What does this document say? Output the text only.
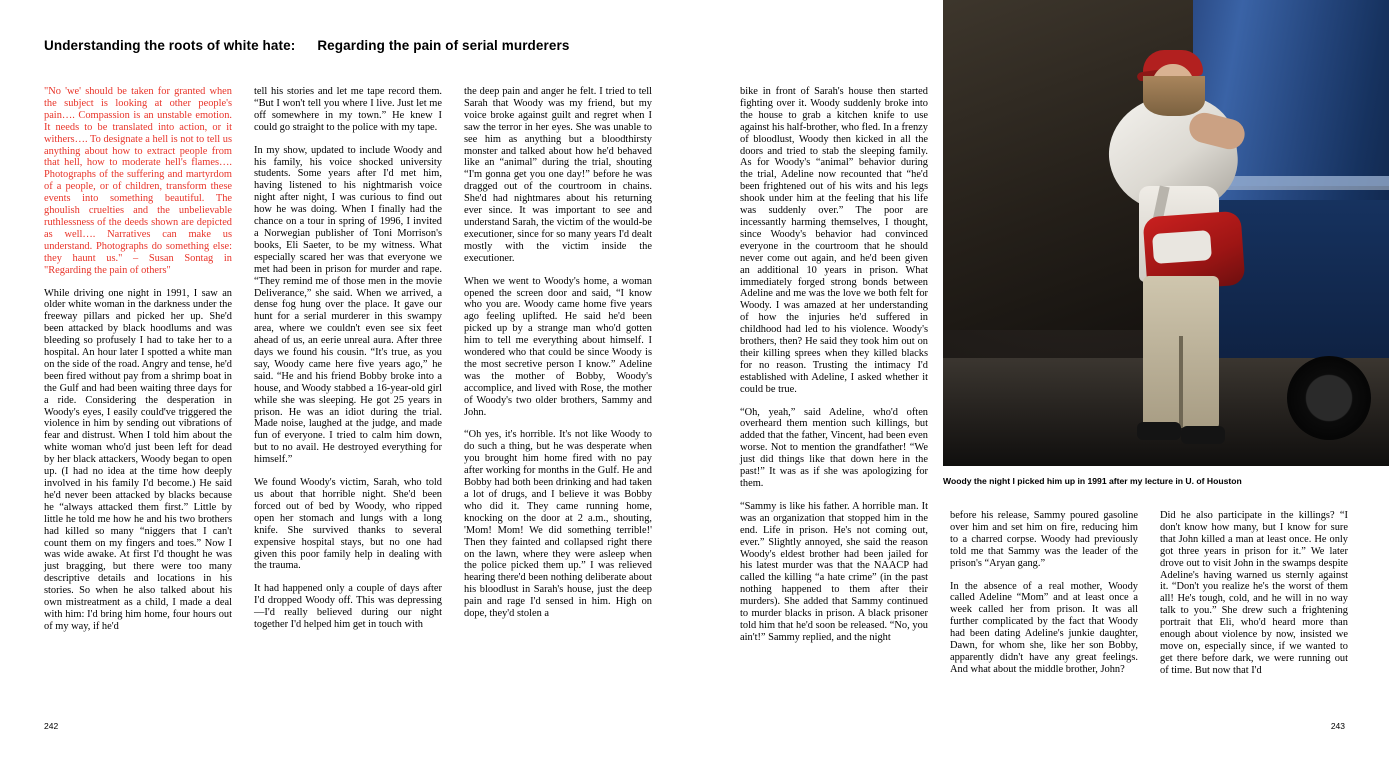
Understanding the roots of white hate: Regarding the pain of serial murderers

"No 'we' should be taken for granted when the subject is looking at other people's pain…. Compassion is an unstable emotion. It needs to be translated into action, or it withers…. To designate a hell is not to tell us anything about how to extract people from that hell, how to moderate hell's flames…. Photographs of the suffering and martyrdom of a people, or of children, transform these events into something beautiful. The ghoulish cruelties and the unbelievable ruthlessness of the deeds shown are depicted as well…. Narratives can make us understand. Photographs do something else: they haunt us." – Susan Sontag in "Regarding the pain of others"

While driving one night in 1991, I saw an older white woman in the darkness under the freeway pillars and picked her up. She'd been attacked by black hoodlums and was bleeding so profusely I had to take her to a hospital. An hour later I spotted a white man on the side of the road. Angry and tense, he'd been fired without pay from a shrimp boat in the Gulf and had been waiting three days for a ride. Considering the desperation in Woody's eyes, I easily could've triggered the violence in him by sending out vibrations of fear and distrust. When I told him about the white woman who'd just been left for dead by her black attackers, Woody began to open up. (I had no idea at the time how deeply involved in his family I'd become.) He said he'd never been attacked by blacks because he “always attacked them first.” Little by little he told me how he and his two brothers had killed so many “niggers that I can't count them on my fingers and toes.” Now I was wide awake. At first I'd thought he was just bragging, but there were too many descriptive details and locations in his stories. So when he also talked about his own mistreatment as a child, I made a deal with him: I'd bring him home, four hours out of my way, if he'd

tell his stories and let me tape record them. “But I won't tell you where I live. Just let me off somewhere in my town.” He knew I could go straight to the police with my tape.

In my show, updated to include Woody and his family, his voice shocked university students. Some years after I'd met him, having listened to his nightmarish voice night after night, I was curious to find out how he was doing. When I finally had the chance on a tour in spring of 1996, I invited a Norwegian publisher of Toni Morrison's books, Eli Saeter, to be my witness. What especially scared her was that everyone we met had been in prison for murder and rape. “They remind me of those men in the movie Deliverance,” she said. When we arrived, a dense fog hung over the place. It gave our hunt for a serial murderer in this swampy area, where we couldn't even see six feet ahead of us, an eerie unreal aura. After three days we found his cousin. “It's true, as you say, Woody came here five years ago,” he said. “He and his friend Bobby broke into a house, and Woody stabbed a 16-year-old girl while she was sleeping. He got 25 years in prison. He was an idiot during the trial. Made noise, laughed at the judge, and made fun of everyone. I tried to calm him down, but to no avail. He destroyed everything for himself.”

We found Woody's victim, Sarah, who told us about that horrible night. She'd been forced out of bed by Woody, who ripped open her stomach and lungs with a long knife. She survived thanks to several expensive hospital stays, but no one had given this poor family help in dealing with the trauma.

It had happened only a couple of days after I'd dropped Woody off. This was depressing—I'd really believed during our night together I'd helped him get in touch with

the deep pain and anger he felt. I tried to tell Sarah that Woody was my friend, but my voice broke against guilt and regret when I saw the terror in her eyes. She was unable to see him as anything but a bloodthirsty monster and talked about how he'd behaved like an “animal” during the trial, shouting “I'm gonna get you one day!” before he was dragged out of the courtroom in chains. She'd had nightmares about his returning ever since. It was important to see and understand Sarah, the victim of the would-be executioner, since for so many years I'd dealt mostly with the victim inside the executioner.

When we went to Woody's home, a woman opened the screen door and said, “I know who you are. Woody came home five years ago feeling uplifted. He said he'd been picked up by a strange man who'd gotten him to tell me everything about himself. I wondered who that could be since Woody is the most secretive person I know.” Adeline was the mother of Bobby, Woody's accomplice, and lived with Rose, the mother of Woody's two older brothers, Sammy and John.

“Oh yes, it's horrible. It's not like Woody to do such a thing, but he was desperate when you brought him home fired with no pay after working for months in the Gulf. He and Bobby had both been drinking and had taken a lot of drugs, and I believe it was Bobby who did it. They came running home, knocking on the door at 2 a.m., shouting, 'Mom! Mom! We did something terrible!' Then they fainted and collapsed right there on the lawn, where they were asleep when the police picked them up.” I was relieved hearing there'd been nothing deliberate about his bloodlust in Sarah's house, just the deep pain and rage I'd sensed in him. High on dope, they'd stolen a

bike in front of Sarah's house then started fighting over it. Woody suddenly broke into the house to grab a kitchen knife to use against his half-brother, who fled. In a frenzy of bloodlust, Woody then kicked in all the doors and tried to stab the sleeping family. As for Woody's “animal” behavior during the trial, Adeline now recounted that “he'd been frightened out of his wits and his legs shook under him at the feeling that his life was suddenly over.” The poor are incessantly harming themselves, I thought, since Woody's behavior had convinced everyone in the courtroom that he should never come out again, and he'd been given an additional 10 years in prison. What immediately forged strong bonds between Adeline and me was the love we both felt for Woody. I was amazed at her understanding of how the injuries he'd suffered in childhood had led to his violence. Woody's brothers, then? He said they took him out on their killing sprees when they killed blacks for no reason. Trusting the intimacy I'd established with Adeline, I asked whether it could be true.

“Oh, yeah,” said Adeline, who'd often overheard them mention such killings, but added that the father, Vincent, had been even worse. Not to mention the grandfather! “We just did things like that down here in the past!” It was as if she was apologizing for them.

“Sammy is like his father. A horrible man. It was an organization that stopped him in the end. Life in prison. He's not coming out, ever.” Slightly annoyed, she said the reason Woody's eldest brother had been jailed for his latest murder was that the NAACP had called the killing “a hate crime” (in the past nothing happened to them after their murders). She added that Sammy continued to murder blacks in prison. A black prisoner told him that he'd soon be released. “No, you ain't!” Sammy replied, and the night

before his release, Sammy poured gasoline over him and set him on fire, reducing him to a charred corpse. Woody had previously told me that Sammy was the leader of the prison's “Aryan gang.”

In the absence of a real mother, Woody called Adeline “Mom” and at least once a week called her from prison. It was all further complicated by the fact that Woody had been dating Adeline's junkie daughter, Dawn, for whom she, like her son Bobby, apparently didn't have any great feelings. And what about the middle brother, John?

Did he also participate in the killings? “I don't know how many, but I know for sure that John killed a man at least once. He only got three years in prison for it.” We later drove out to visit John in the swamps despite Adeline's having warned us sternly against it. “Don't you realize he's the worst of them all! He's tough, cold, and he will in no way talk to you.” She drew such a frightening portrait that Eli, who'd heard more than enough about violence by now, insisted we move on, especially since, if we wanted to get there before dark, we were running out of time. But now that I'd

Woody the night I picked him up in 1991 after my lecture in U. of Houston
242	243
